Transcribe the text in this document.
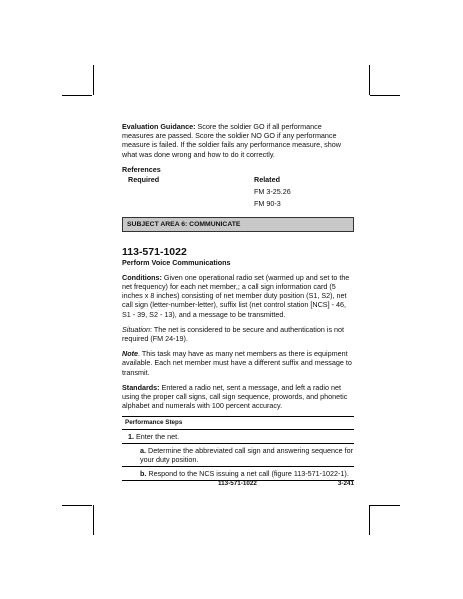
Evaluation Guidance: Score the soldier GO if all performance measures are passed. Score the soldier NO GO if any performance measure is failed. If the soldier fails any performance measure, show what was done wrong and how to do it correctly.

References
Required	Related
FM 3-25.26
FM 90-3
SUBJECT AREA 6: COMMUNICATE
113-571-1022
Perform Voice Communications

Conditions: Given one operational radio set (warmed up and set to the net frequency) for each net member,; a call sign information card (5 inches x 8 inches) consisting of net member duty position (S1, S2), net call sign (letter-number-letter), suffix list (net control station [NCS] - 46, S1 - 39, S2 - 13), and a message to be transmitted.

Situation: The net is considered to be secure and authentication is not required (FM 24-19).

Note. This task may have as many net members as there is equipment available. Each net member must have a different suffix and message to transmit.

Standards: Entered a radio net, sent a message, and left a radio net using the proper call signs, call sign sequence, prowords, and phonetic alphabet and numerals with 100 percent accuracy.

Performance Steps
1. Enter the net.
a. Determine the abbreviated call sign and answering sequence for your duty position.
b. Respond to the NCS issuing a net call (figure 113-571-1022-1).
113-571-1022	3-241
